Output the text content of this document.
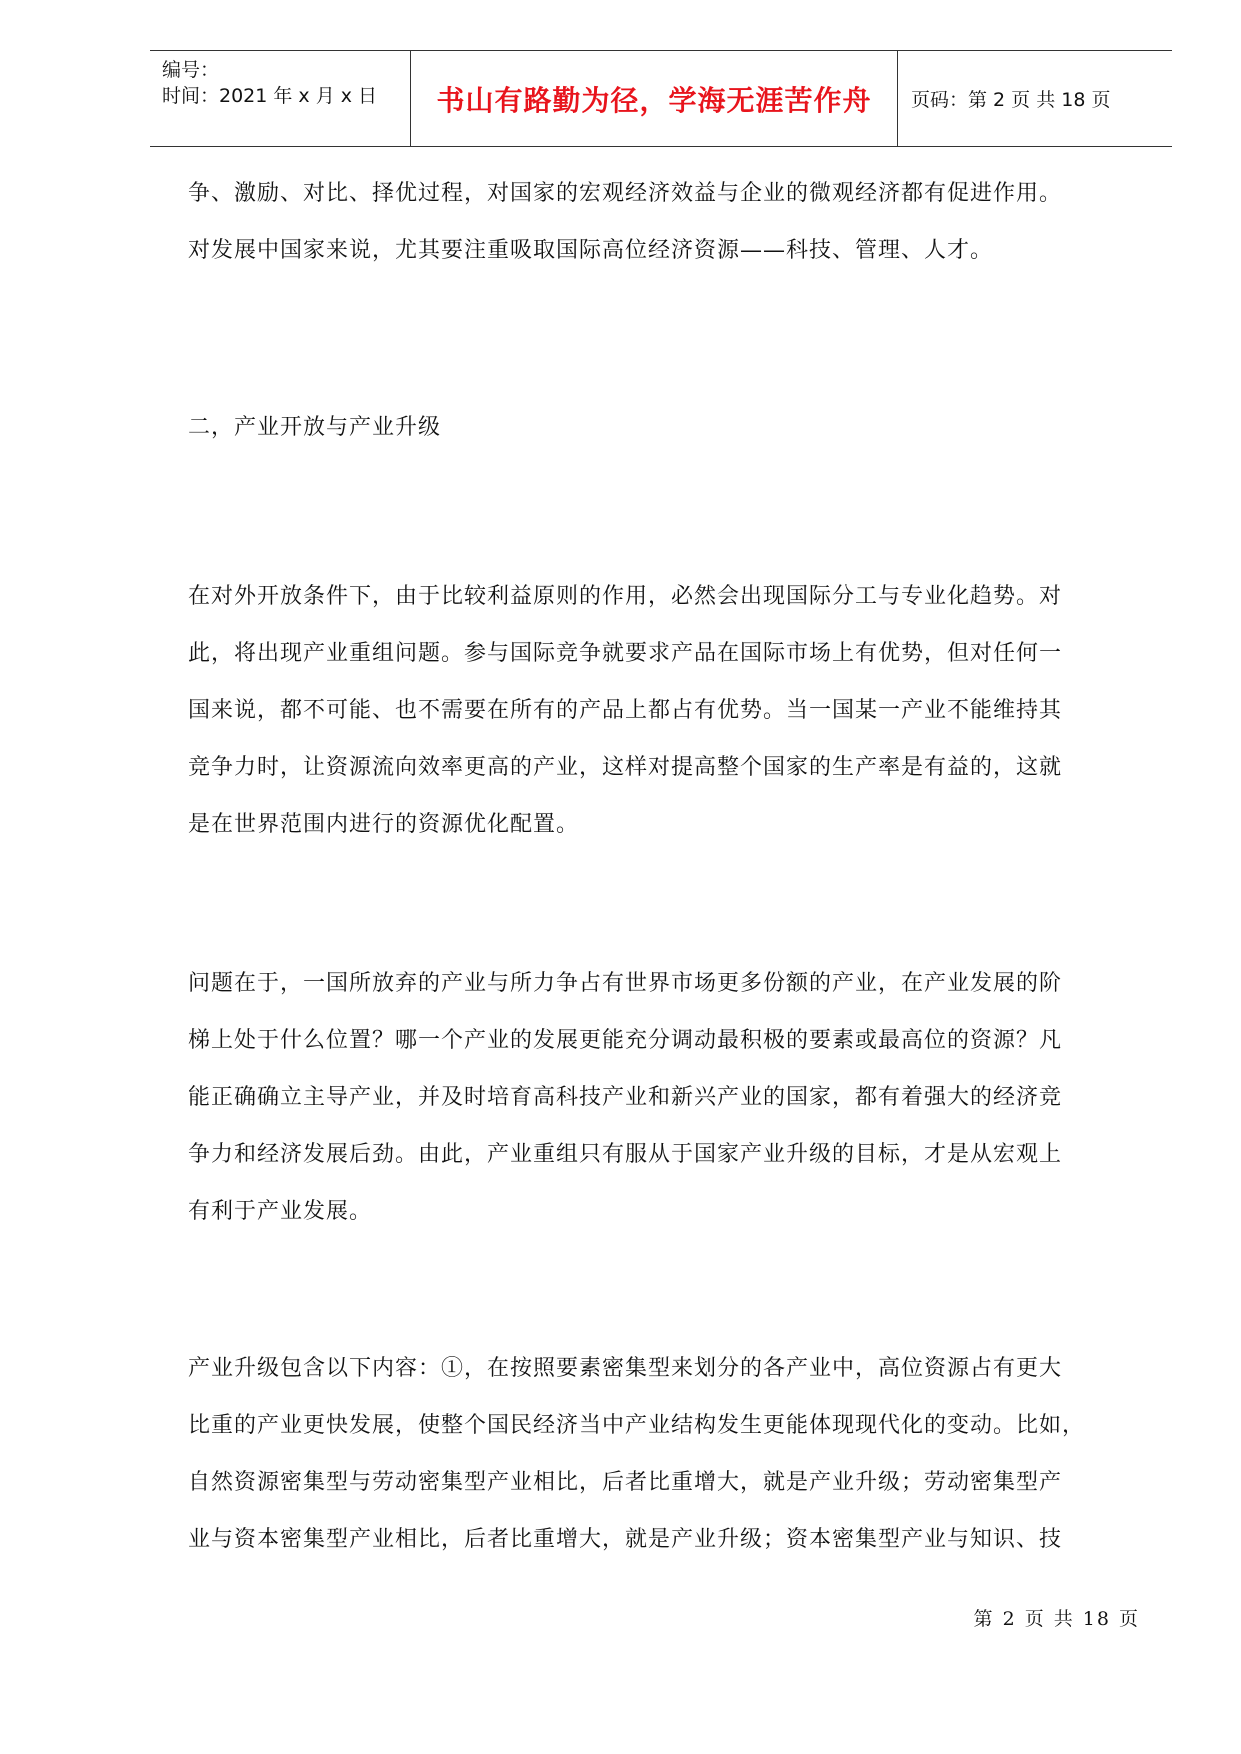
编号：
时间：2021 年 x 月 x 日	书山有路勤为径，学海无涯苦作舟 页码：第 2 页 共 18 页

争、激励、对比、择优过程，对国家的宏观经济效益与企业的微观经济都有促进作用。

对发展中国家来说，尤其要注重吸取国际高位经济资源——科技、管理、人才。

二，产业开放与产业升级

在对外开放条件下，由于比较利益原则的作用，必然会出现国际分工与专业化趋势。对

此，将出现产业重组问题。参与国际竞争就要求产品在国际市场上有优势，但对任何一

国来说，都不可能、也不需要在所有的产品上都占有优势。当一国某一产业不能维持其

竞争力时，让资源流向效率更高的产业，这样对提高整个国家的生产率是有益的，这就

是在世界范围内进行的资源优化配置。

问题在于，一国所放弃的产业与所力争占有世界市场更多份额的产业，在产业发展的阶

梯上处于什么位置？哪一个产业的发展更能充分调动最积极的要素或最高位的资源？凡

能正确确立主导产业，并及时培育高科技产业和新兴产业的国家，都有着强大的经济竞

争力和经济发展后劲。由此，产业重组只有服从于国家产业升级的目标，才是从宏观上

有利于产业发展。

产业升级包含以下内容：①，在按照要素密集型来划分的各产业中，高位资源占有更大

比重的产业更快发展，使整个国民经济当中产业结构发生更能体现现代化的变动。比如，

自然资源密集型与劳动密集型产业相比，后者比重增大，就是产业升级；劳动密集型产

业与资本密集型产业相比，后者比重增大，就是产业升级；资本密集型产业与知识、技

第 2 页 共 18 页
